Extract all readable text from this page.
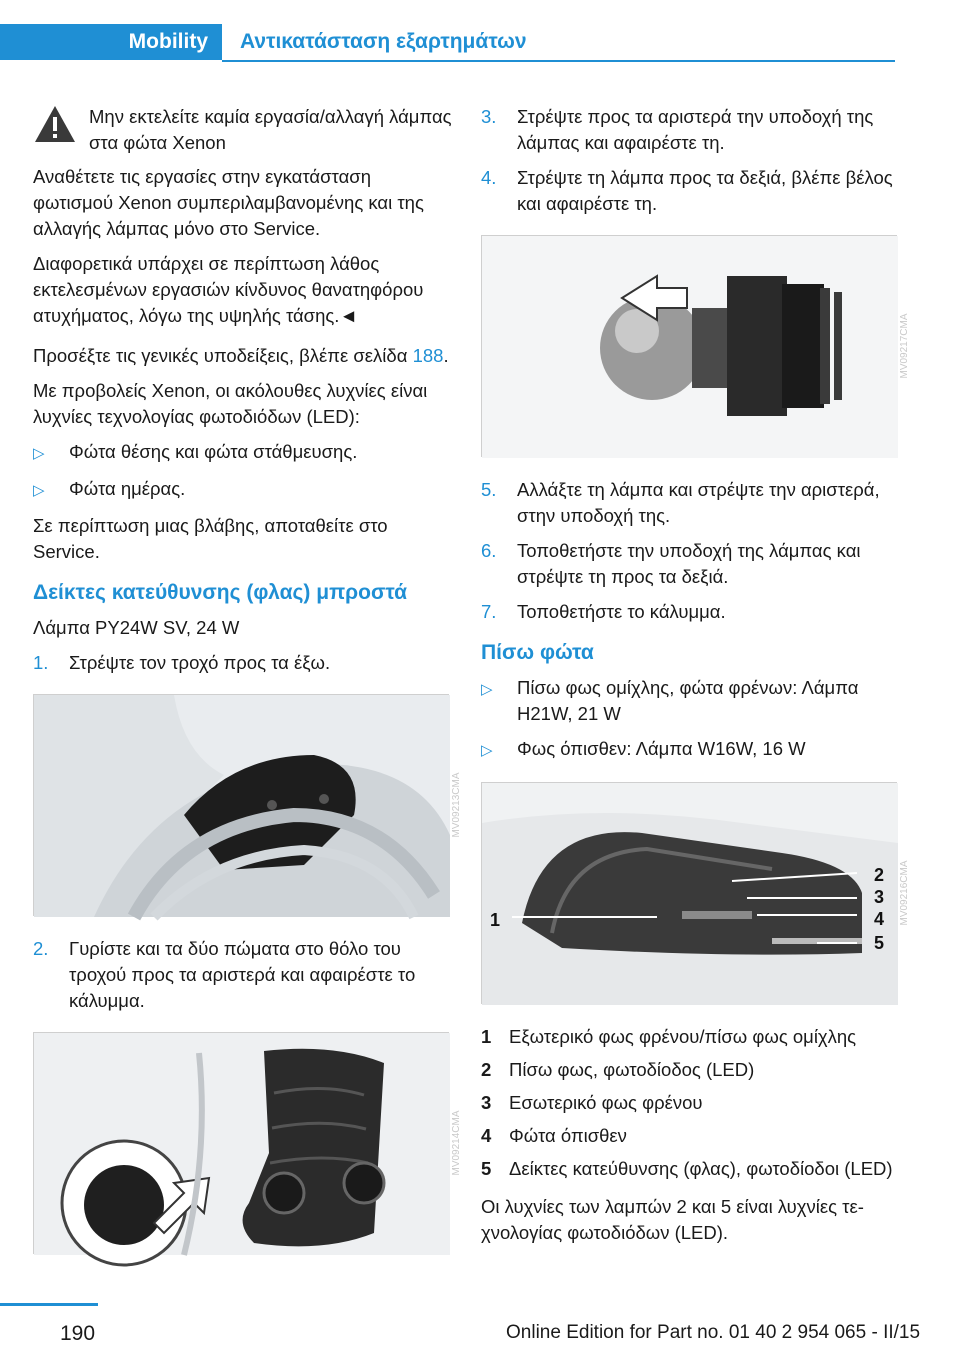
Mobility	Αντικατάσταση εξαρτημάτων
Μην εκτελείτε καμία εργασία/αλλαγή λάμπας στα φώτα Xenon

Αναθέτετε τις εργασίες στην εγκατάσταση φωτισμού Xenon συμπεριλαμβανομένης και της αλλαγής λάμπας μόνο στο Service.

Διαφορετικά υπάρχει σε περίπτωση λάθος εκτελεσμένων εργασιών κίνδυνος θανατηφόρου ατυχήματος, λόγω της υψηλής τάσης.◄

Προσέξτε τις γενικές υποδείξεις, βλέπε σελίδα 188.

Με προβολείς Xenon, οι ακόλουθες λυχνίες είναι λυχνίες τεχνολογίας φωτοδιόδων (LED):

▷	Φώτα θέσης και φώτα στάθμευσης.
▷	Φώτα ημέρας.

Σε περίπτωση μιας βλάβης, αποταθείτε στο Service.

Δείκτες κατεύθυνσης (φλας) μπροστά

Λάμπα PY24W SV, 24 W

1.	Στρέψτε τον τροχό προς τα έξω.
MV09213CMA
2.	Γυρίστε και τα δύο πώματα στο θόλο του τροχού προς τα αριστερά και αφαιρέστε το κάλυμμα.
MV09214CMA
3.	Στρέψτε προς τα αριστερά την υποδοχή της λάμπας και αφαιρέστε τη.
4.	Στρέψτε τη λάμπα προς τα δεξιά, βλέπε βέλος και αφαιρέστε τη.
MV09217CMA
5.	Αλλάξτε τη λάμπα και στρέψτε την αριστερά, στην υποδοχή της.
6.	Τοποθετήστε την υποδοχή της λάμπας και στρέψτε τη προς τα δεξιά.
7.	Τοποθετήστε το κάλυμμα.
Πίσω φώτα
▷	Πίσω φως ομίχλης, φώτα φρένων: Λάμπα H21W, 21 W
▷	Φως όπισθεν: Λάμπα W16W, 16 W
1
2
3
4
5
MV09216CMA
1 Εξωτερικό φως φρένου/πίσω φως ομίχλης
2 Πίσω φως, φωτοδίοδος (LED)
3 Εσωτερικό φως φρένου
4 Φώτα όπισθεν
5 Δείκτες κατεύθυνσης (φλας), φωτοδίοδοι (LED)

Οι λυχνίες των λαμπών 2 και 5 είναι λυχνίες τεχνολογίας φωτοδιόδων (LED).

190	Online Edition for Part no. 01 40 2 954 065 - II/15
